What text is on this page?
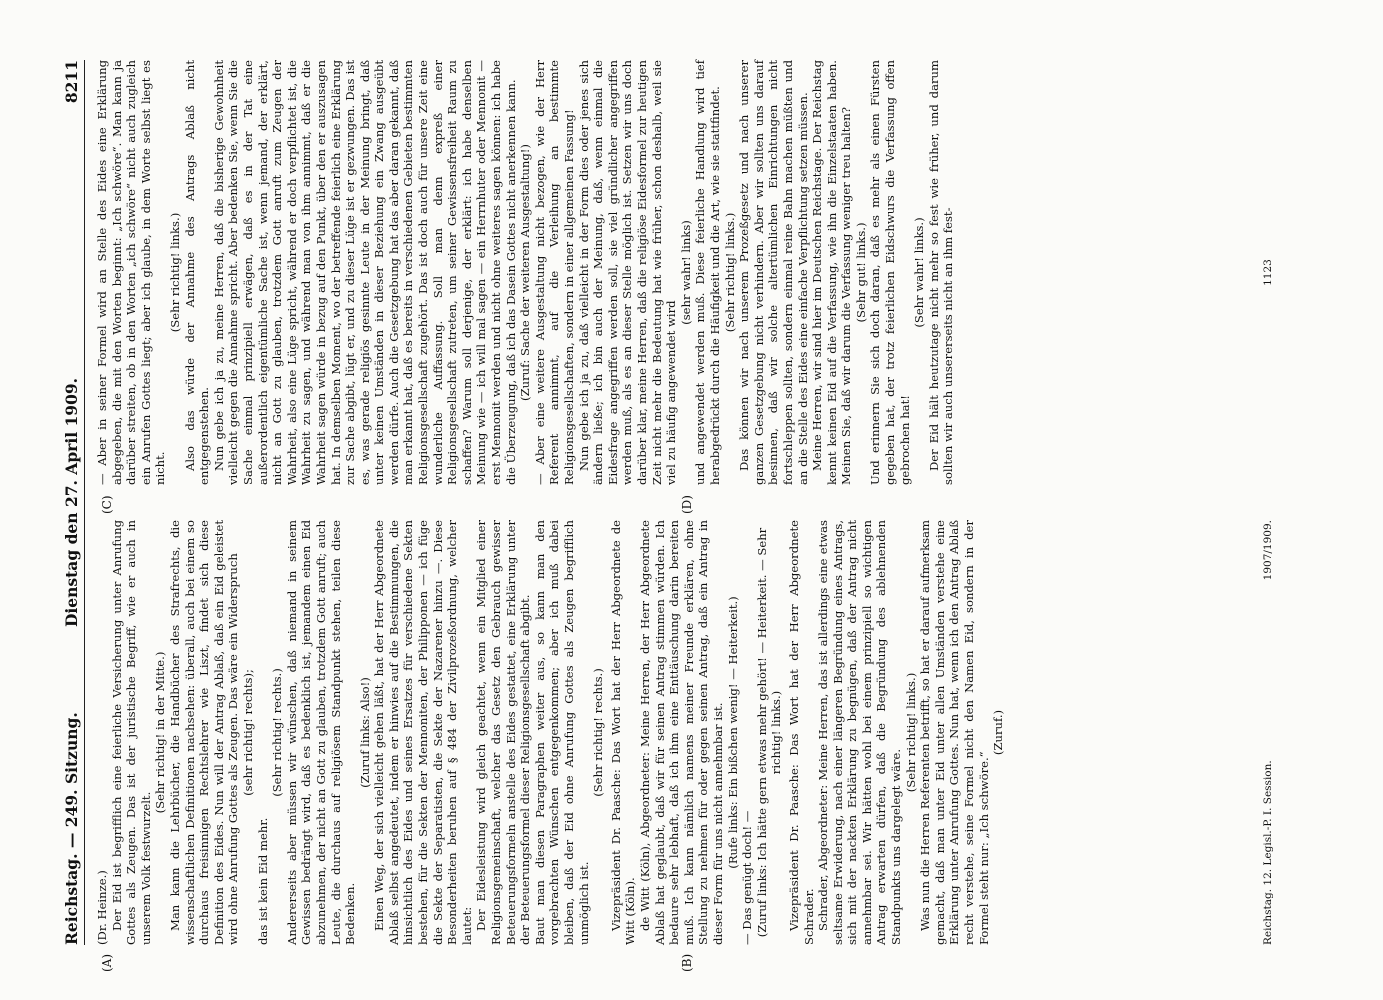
Reichstag. — 249. Sitzung.
Dienstag den 27. April 1909.
8211
(A)	(B)
(C)	(D)

(Dr. Heinze.) Der Eid ist begrifflich eine feierliche Versicherung unter Anrufung Gottes als Zeugen. Das ist der juristische Begriff, wie er auch in unserem Volk festwurzelt.

(Sehr richtig! in der Mitte.) Man kann die Lehrbücher, die Handbücher des Strafrechts, die wissenschaftlichen Definitionen nachsehen: überall, auch bei einem so durchaus freisinnigen Rechtslehrer wie Liszt, findet sich diese Definition des Eides. Nun will der Antrag Ablaß, daß ein Eid geleistet wird ohne Anrufung Gottes als Zeugen. Das wäre ein Widerspruch (sehr richtig! rechts);

das ist kein Eid mehr.

(Sehr richtig! rechts.) Andererseits aber müssen wir wünschen, daß niemand in seinem Gewissen bedrängt wird, daß es bedenklich ist, jemandem einen Eid abzunehmen, der nicht an Gott zu glauben, trotzdem Gott anruft; auch Leute, die durchaus auf religiösem Standpunkt stehen, teilen diese Bedenken.

(Zuruf links: Also!) Einen Weg, der sich vielleicht gehen läßt, hat der Herr Abgeordnete Ablaß selbst angedeutet, indem er hinwies auf die Bestimmungen, die hinsichtlich des Eides und seines Ersatzes für verschiedene Sekten bestehen, für die Sekten der Mennoniten, der Philipponen — ich füge die Sekte der Separatisten, die Sekte der Nazarener hinzu —. Diese Besonderheiten beruhen auf § 484 der Zivilprozeßordnung, welcher lautet: Der Eidesleistung wird gleich geachtet, wenn ein Mitglied einer Religionsgemeinschaft, welcher das Gesetz den Gebrauch gewisser Beteuerungsformeln anstelle des Eides gestattet, eine Erklärung unter der Beteuerungsformel dieser Religionsgesellschaft abgibt. Baut man diesen Paragraphen weiter aus, so kann man den vorgebrachten Wünschen entgegenkommen; aber ich muß dabei bleiben, daß der Eid ohne Anrufung Gottes als Zeugen begrifflich unmöglich ist.

(Sehr richtig! rechts.) Vizepräsident Dr. Paasche: Das Wort hat der Herr Abgeordnete de Witt (Köln). de Witt (Köln), Abgeordneter: Meine Herren, der Herr Abgeordnete Ablaß hat geglaubt, daß wir für seinen Antrag stimmen würden. Ich bedaure sehr lebhaft, daß ich ihm eine Enttäuschung darin bereiten muß. Ich kann nämlich namens meiner Freunde erklären, ohne Stellung zu nehmen für oder gegen seinen Antrag, daß ein Antrag in dieser Form für uns nicht annehmbar ist. (Rufe links: Ein bißchen wenig! — Heiterkeit.)

— Das genügt doch! — (Zuruf links: Ich hätte gern etwas mehr gehört! — Heiterkeit. — Sehr richtig! links.) Vizepräsident Dr. Paasche: Das Wort hat der Herr Abgeordnete Schrader. Schrader, Abgeordneter: Meine Herren, das ist allerdings eine etwas seltsame Erwiderung, nach einer längeren Begründung eines Antrags, sich mit der nackten Erklärung zu begnügen, daß der Antrag nicht annehmbar sei. Wir hätten wohl bei einem prinzipiell so wichtigen Antrag erwarten dürfen, daß die Begründung des ablehnenden Standpunkts uns dargelegt wäre.

(Sehr richtig! links.) Was nun die Herren Referenten betrifft, so hat er darauf aufmerksam gemacht, daß man unter Eid unter allen Umständen verstehe eine Erklärung unter Anrufung Gottes. Nun hat, wenn ich den Antrag Ablaß recht verstehe, seine Formel nicht den Namen Eid, sondern in der Formel steht nur: „Ich schwöre.“

(Zuruf.)

— Aber in seiner Formel wird an Stelle des Eides eine Erklärung abgegeben, die mit den Worten beginnt: „Ich schwöre“. Man kann ja darüber streiten, ob in den Worten „ich schwöre“ nicht auch zugleich ein Anrufen Gottes liegt; aber ich glaube, in dem Worte selbst liegt es nicht.

(Sehr richtig! links.) Also das würde der Annahme des Antrags Ablaß nicht entgegenstehen. Nun gebe ich ja zu, meine Herren, daß die bisherige Gewohnheit vielleicht gegen die Annahme spricht. Aber bedenken Sie, wenn Sie die Sache einmal prinzipiell erwägen, daß es in der Tat eine außerordentlich eigentümliche Sache ist, wenn jemand, der erklärt, nicht an Gott zu glauben, trotzdem Gott anruft zum Zeugen der Wahrheit, also eine Lüge spricht, während er doch verpflichtet ist, die Wahrheit zu sagen, und während man von ihm annimmt, daß er die Wahrheit sagen würde in bezug auf den Punkt, über den er auszusagen hat. In demselben Moment, wo der betreffende feierlich eine Erklärung zur Sache abgibt, lügt er, und zu dieser Lüge ist er gezwungen. Das ist es, was gerade religiös gesinnte Leute in der Meinung bringt, daß unter keinen Umständen in dieser Beziehung ein Zwang ausgeübt werden dürfe. Auch die Gesetzgebung hat das aber daran gekannt, daß man erkannt hat, daß es bereits in verschiedenen Gebieten bestimmten Religionsgesellschaft zugehört. Das ist doch auch für unsere Zeit eine wunderliche Auffassung. Soll man denn expreß einer Religionsgesellschaft zutreten, um seiner Gewissensfreiheit Raum zu schaffen? Warum soll derjenige, der erklärt: ich habe denselben Meinung wie — ich will mal sagen — ein Herrnhuter oder Mennonit — erst Mennonit werden und nicht ohne weiteres sagen können: ich habe die Überzeugung, daß ich das Dasein Gottes nicht anerkennen kann. (Zuruf: Sache der weiteren Ausgestaltung!) — Aber eine weitere Ausgestaltung nicht bezogen, wie der Herr Referent annimmt, auf die Verleihung an bestimmte Religionsgesellschaften, sondern in einer allgemeinen Fassung! Nun gebe ich ja zu, daß vielleicht in der Form dies oder jenes sich ändern ließe; ich bin auch der Meinung, daß, wenn einmal die Eidesfrage angegriffen werden soll, sie viel gründlicher angegriffen werden muß, als es an dieser Stelle möglich ist. Setzen wir uns doch darüber klar, meine Herren, daß die religiöse Eidesformel zur heutigen Zeit nicht mehr die Bedeutung hat wie früher, schon deshalb, weil sie viel zu häufig angewendet wird

(sehr wahr! links) und angewendet werden muß. Diese feierliche Handlung wird tief herabgedrückt durch die Häufigkeit und die Art, wie sie stattfindet. (Sehr richtig! links.) Das können wir nach unserem Prozeßgesetz und nach unserer ganzen Gesetzgebung nicht verhindern. Aber wir sollten uns darauf besinnen, daß wir solche altertümlichen Einrichtungen nicht fortschleppen sollten, sondern einmal reine Bahn machen müßten und an die Stelle des Eides eine einfache Verpflichtung setzen müssen. Meine Herren, wir sind hier im Deutschen Reichstage. Der Reichstag kennt keinen Eid auf die Verfassung, wie ihn die Einzelstaaten haben. Meinen Sie, daß wir darum die Verfassung weniger treu halten? (Sehr gut! links.) Und erinnern Sie sich doch daran, daß es mehr als einen Fürsten gegeben hat, der trotz feierlichen Eidschwurs die Verfassung offen gebrochen hat!

(Sehr wahr! links.) Der Eid hält heutzutage nicht mehr so fest wie früher, und darum sollten wir auch unsererseits nicht an ihm fest-

Reichstag. 12. Legisl.-P. I. Session.
1907/1909.
1123
